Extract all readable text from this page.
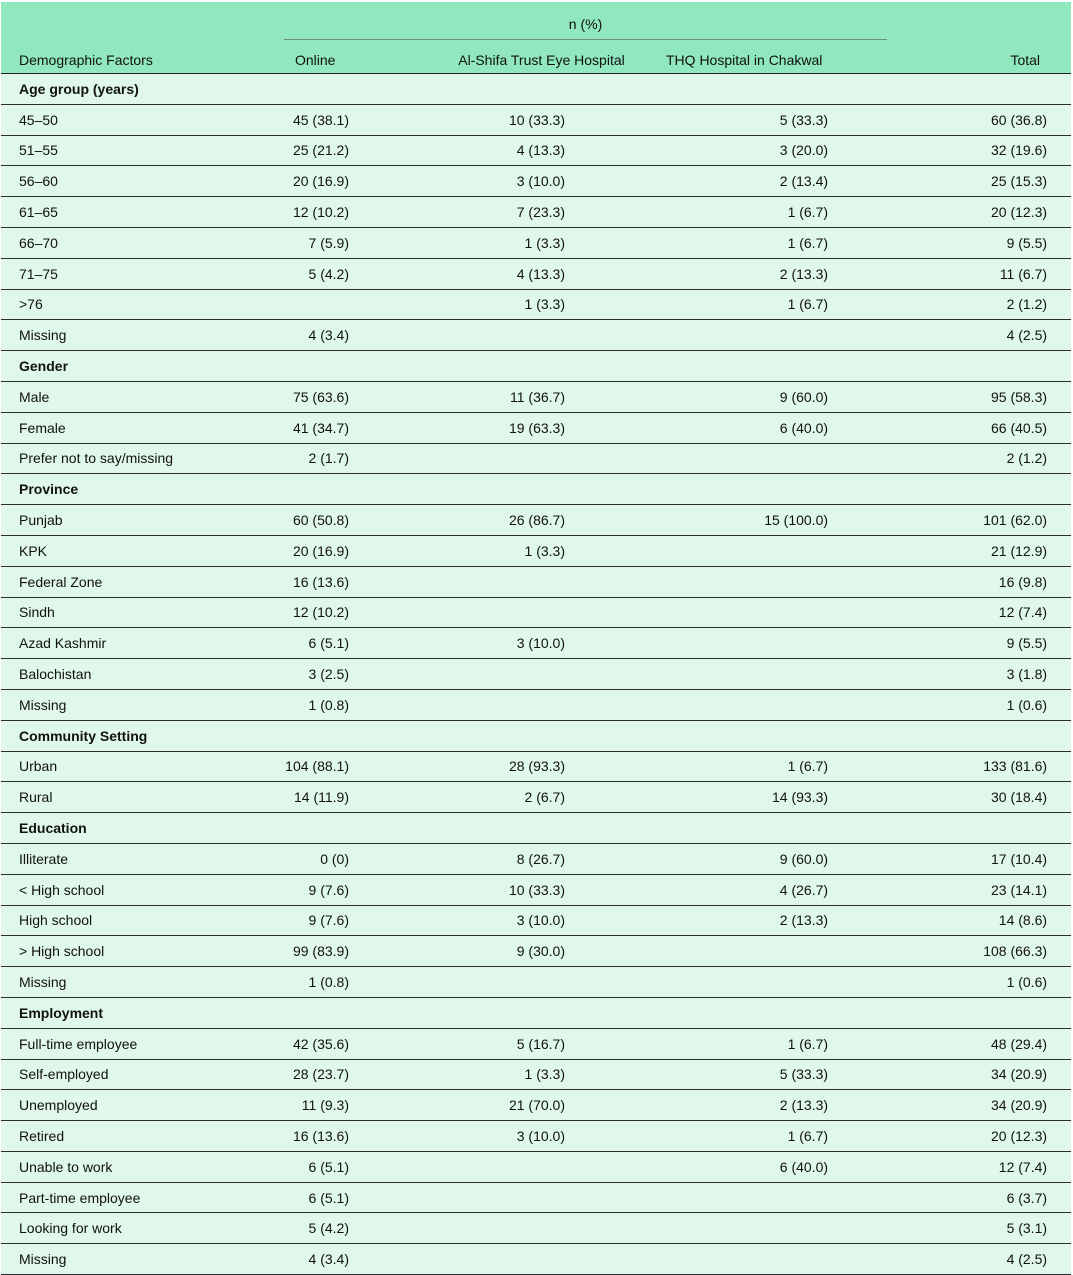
	n (%)			
Demographic Factors	Online	Al-Shifa Trust Eye Hospital	THQ Hospital in Chakwal	Total
Age group (years)				
45–50	45 (38.1)	10 (33.3)	5 (33.3)	60 (36.8)
51–55	25 (21.2)	4 (13.3)	3 (20.0)	32 (19.6)
56–60	20 (16.9)	3 (10.0)	2 (13.4)	25 (15.3)
61–65	12 (10.2)	7 (23.3)	1 (6.7)	20 (12.3)
66–70	7 (5.9)	1 (3.3)	1 (6.7)	9 (5.5)
71–75	5 (4.2)	4 (13.3)	2 (13.3)	11 (6.7)
>76		1 (3.3)	1 (6.7)	2 (1.2)
Missing	4 (3.4)			4 (2.5)
Gender				
Male	75 (63.6)	11 (36.7)	9 (60.0)	95 (58.3)
Female	41 (34.7)	19 (63.3)	6 (40.0)	66 (40.5)
Prefer not to say/missing	2 (1.7)			2 (1.2)
Province				
Punjab	60 (50.8)	26 (86.7)	15 (100.0)	101 (62.0)
KPK	20 (16.9)	1 (3.3)		21 (12.9)
Federal Zone	16 (13.6)			16 (9.8)
Sindh	12 (10.2)			12 (7.4)
Azad Kashmir	6 (5.1)	3 (10.0)		9 (5.5)
Balochistan	3 (2.5)			3 (1.8)
Missing	1 (0.8)			1 (0.6)
Community Setting				
Urban	104 (88.1)	28 (93.3)	1 (6.7)	133 (81.6)
Rural	14 (11.9)	2 (6.7)	14 (93.3)	30 (18.4)
Education				
Illiterate	0 (0)	8 (26.7)	9 (60.0)	17 (10.4)
< High school	9 (7.6)	10 (33.3)	4 (26.7)	23 (14.1)
High school	9 (7.6)	3 (10.0)	2 (13.3)	14 (8.6)
> High school	99 (83.9)	9 (30.0)		108 (66.3)
Missing	1 (0.8)			1 (0.6)
Employment				
Full-time employee	42 (35.6)	5 (16.7)	1 (6.7)	48 (29.4)
Self-employed	28 (23.7)	1 (3.3)	5 (33.3)	34 (20.9)
Unemployed	11 (9.3)	21 (70.0)	2 (13.3)	34 (20.9)
Retired	16 (13.6)	3 (10.0)	1 (6.7)	20 (12.3)
Unable to work	6 (5.1)		6 (40.0)	12 (7.4)
Part-time employee	6 (5.1)			6 (3.7)
Looking for work	5 (4.2)			5 (3.1)
Missing	4 (3.4)			4 (2.5)
